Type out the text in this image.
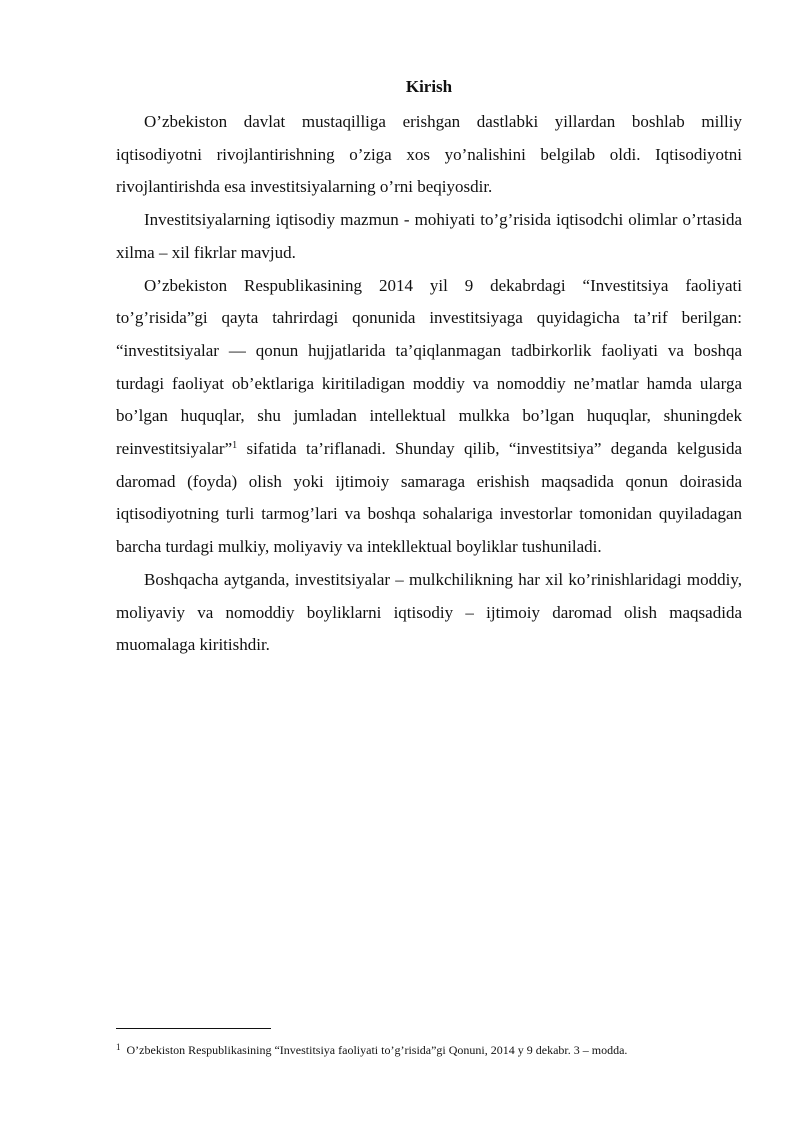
Kirish

O’zbekiston davlat mustaqilliga erishgan dastlabki yillardan boshlab milliy iqtisodiyotni rivojlantirishning o’ziga xos yo’nalishini belgilab oldi. Iqtisodiyotni rivojlantirishda esa investitsiyalarning o’rni beqiyosdir.

Investitsiyalarning iqtisodiy mazmun - mohiyati to’g’risida iqtisodchi olimlar o’rtasida xilma – xil fikrlar mavjud.

O’zbekiston Respublikasining 2014 yil 9 dekabrdagi “Investitsiya faoliyati to’g’risida”gi qayta tahrirdagi qonunida investitsiyaga quyidagicha ta’rif berilgan: “investitsiyalar — qonun hujjatlarida ta’qiqlanmagan tadbirkorlik faoliyati va boshqa turdagi faoliyat ob’ektlariga kiritiladigan moddiy va nomoddiy ne’matlar hamda ularga bo’lgan huquqlar, shu jumladan intellektual mulkka bo’lgan huquqlar, shuningdek reinvestitsiyalar”$^1$ sifatida ta’riflanadi. Shunday qilib, “investitsiya” deganda kelgusida daromad (foyda) olish yoki ijtimoiy samaraga erishish maqsadida qonun doirasida iqtisodiyotning turli tarmog’lari va boshqa sohalariga investorlar tomonidan quyiladagan barcha turdagi mulkiy, moliyaviy va intekllektual boyliklar tushuniladi.

Boshqacha aytganda, investitsiyalar – mulkchilikning har xil ko’rinishlaridagi moddiy, moliyaviy va nomoddiy boyliklarni iqtisodiy – ijtimoiy daromad olish maqsadida muomalaga kiritishdir.

$^1$ O’zbekiston Respublikasining “Investitsiya faoliyati to’g’risida”gi Qonuni, 2014 y 9 dekabr. 3 – modda.
